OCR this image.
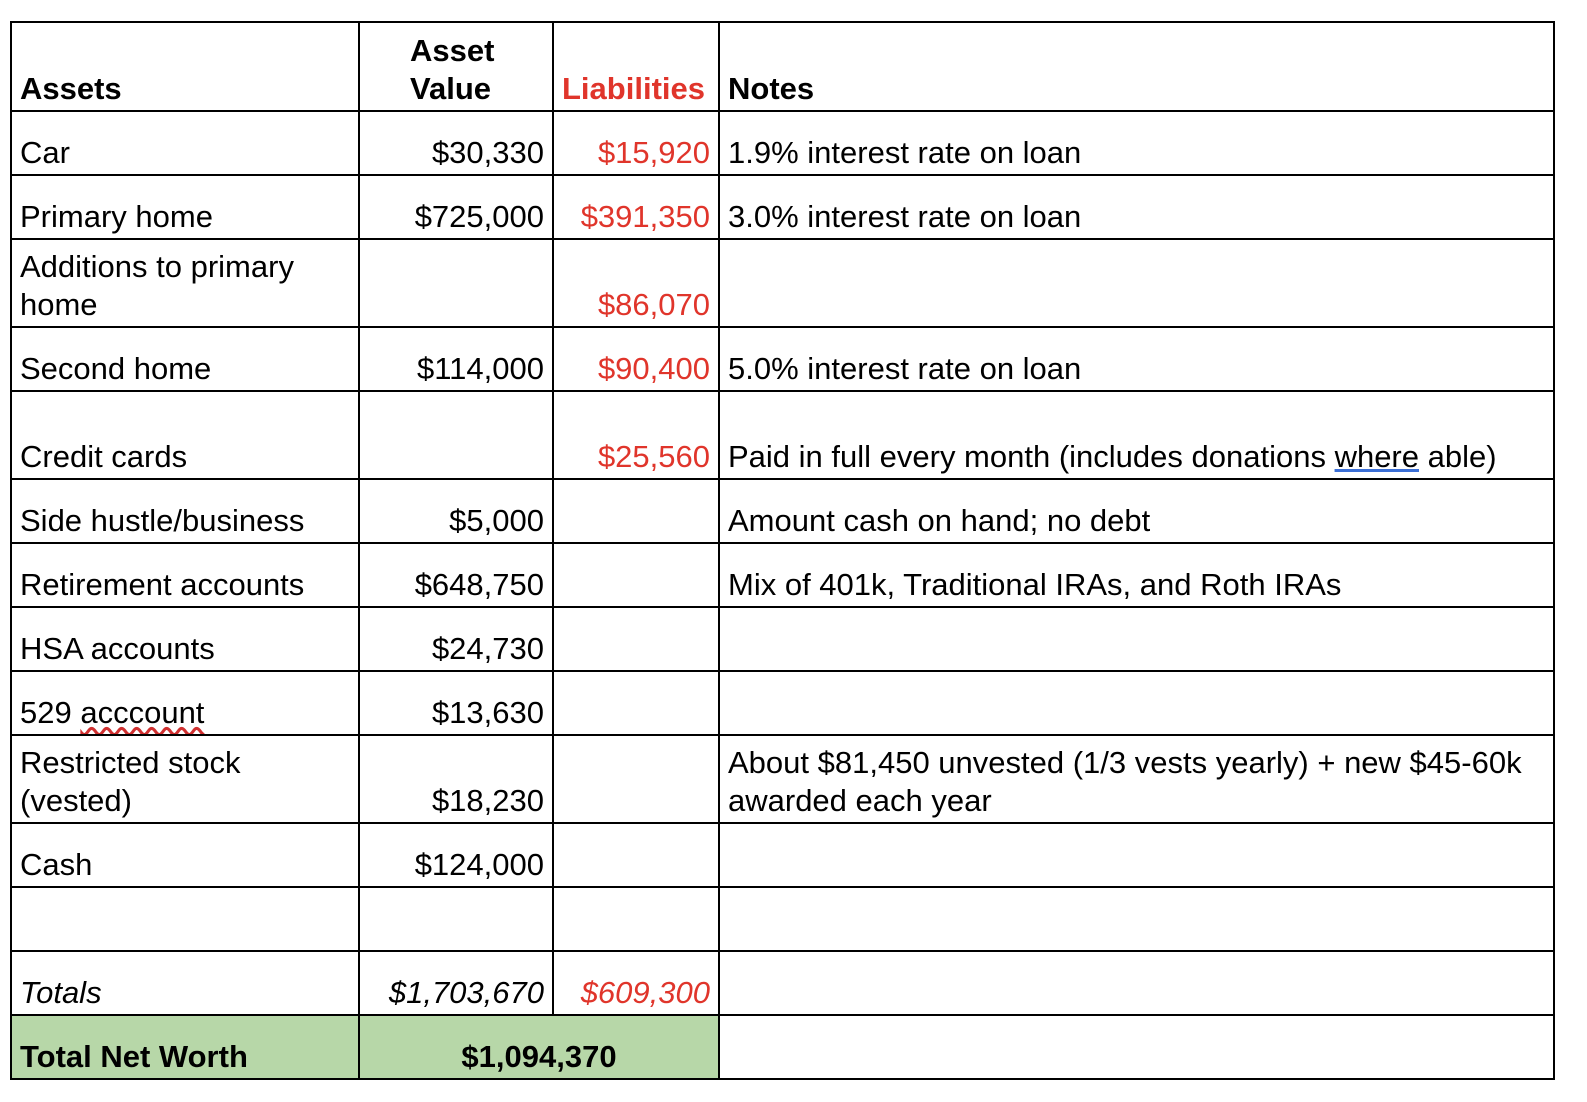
Assets	Asset Value	Liabilities	Notes
Car	$30,330	$15,920	1.9% interest rate on loan
Primary home	$725,000	$391,350	3.0% interest rate on loan
Additions to primary home		$86,070	
Second home	$114,000	$90,400	5.0% interest rate on loan
Credit cards		$25,560	Paid in full every month (includes donations where able)
Side hustle/business	$5,000		Amount cash on hand; no debt
Retirement accounts	$648,750		Mix of 401k, Traditional IRAs, and Roth IRAs
HSA accounts	$24,730		
529 acccount	$13,630		
Restricted stock (vested)	$18,230		About $81,450 unvested (1/3 vests yearly) + new $45-60k awarded each year
Cash	$124,000		

Totals	$1,703,670	$609,300	
Total Net Worth	$1,094,370		
